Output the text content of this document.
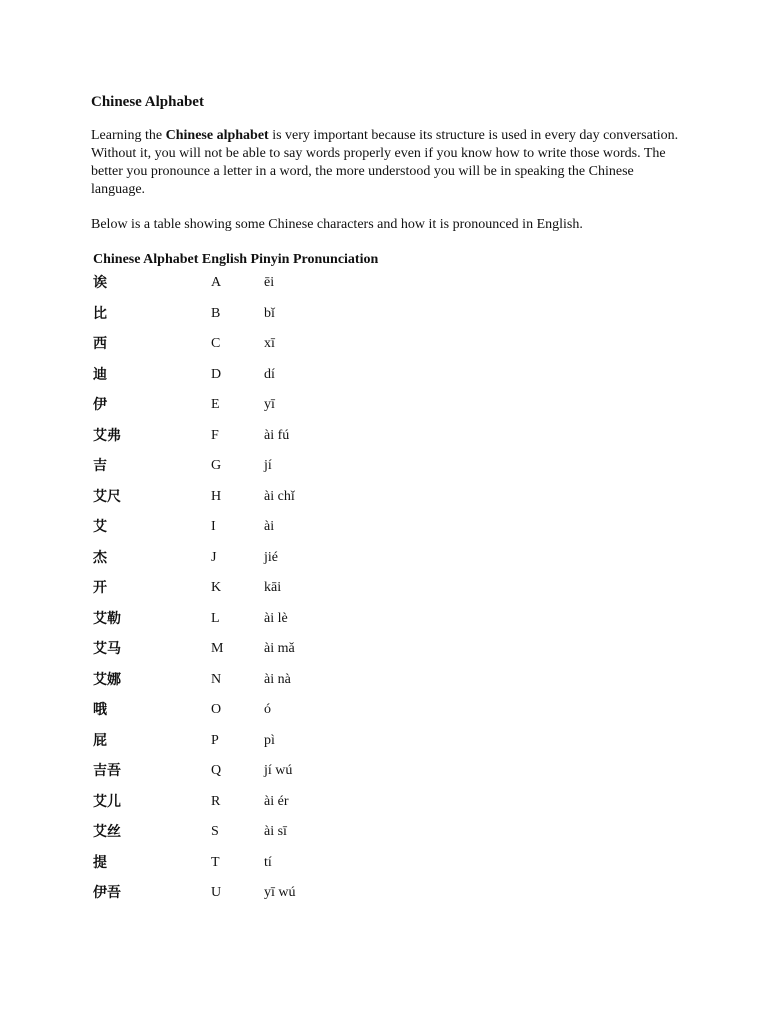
Chinese Alphabet

Learning the Chinese alphabet is very important because its structure is used in every day conversation. Without it, you will not be able to say words properly even if you know how to write those words. The better you pronounce a letter in a word, the more understood you will be in speaking the Chinese language.

Below is a table showing some Chinese characters and how it is pronounced in English.

Chinese Alphabet English Pinyin Pronunciation
诶	A	ēi
比	B	bǐ
西	C	xī
迪	D	dí
伊	E	yī
艾弗	F	ài fú
吉	G	jí
艾尺	H	ài chǐ
艾	I	ài
杰	J	jié
开	K	kāi
艾勒	L	ài lè
艾马	M	ài mǎ
艾娜	N	ài nà
哦	O	ó
屁	P	pì
吉吾	Q	jí wú
艾儿	R	ài ér
艾丝	S	ài sī
提	T	tí
伊吾	U	yī wú
